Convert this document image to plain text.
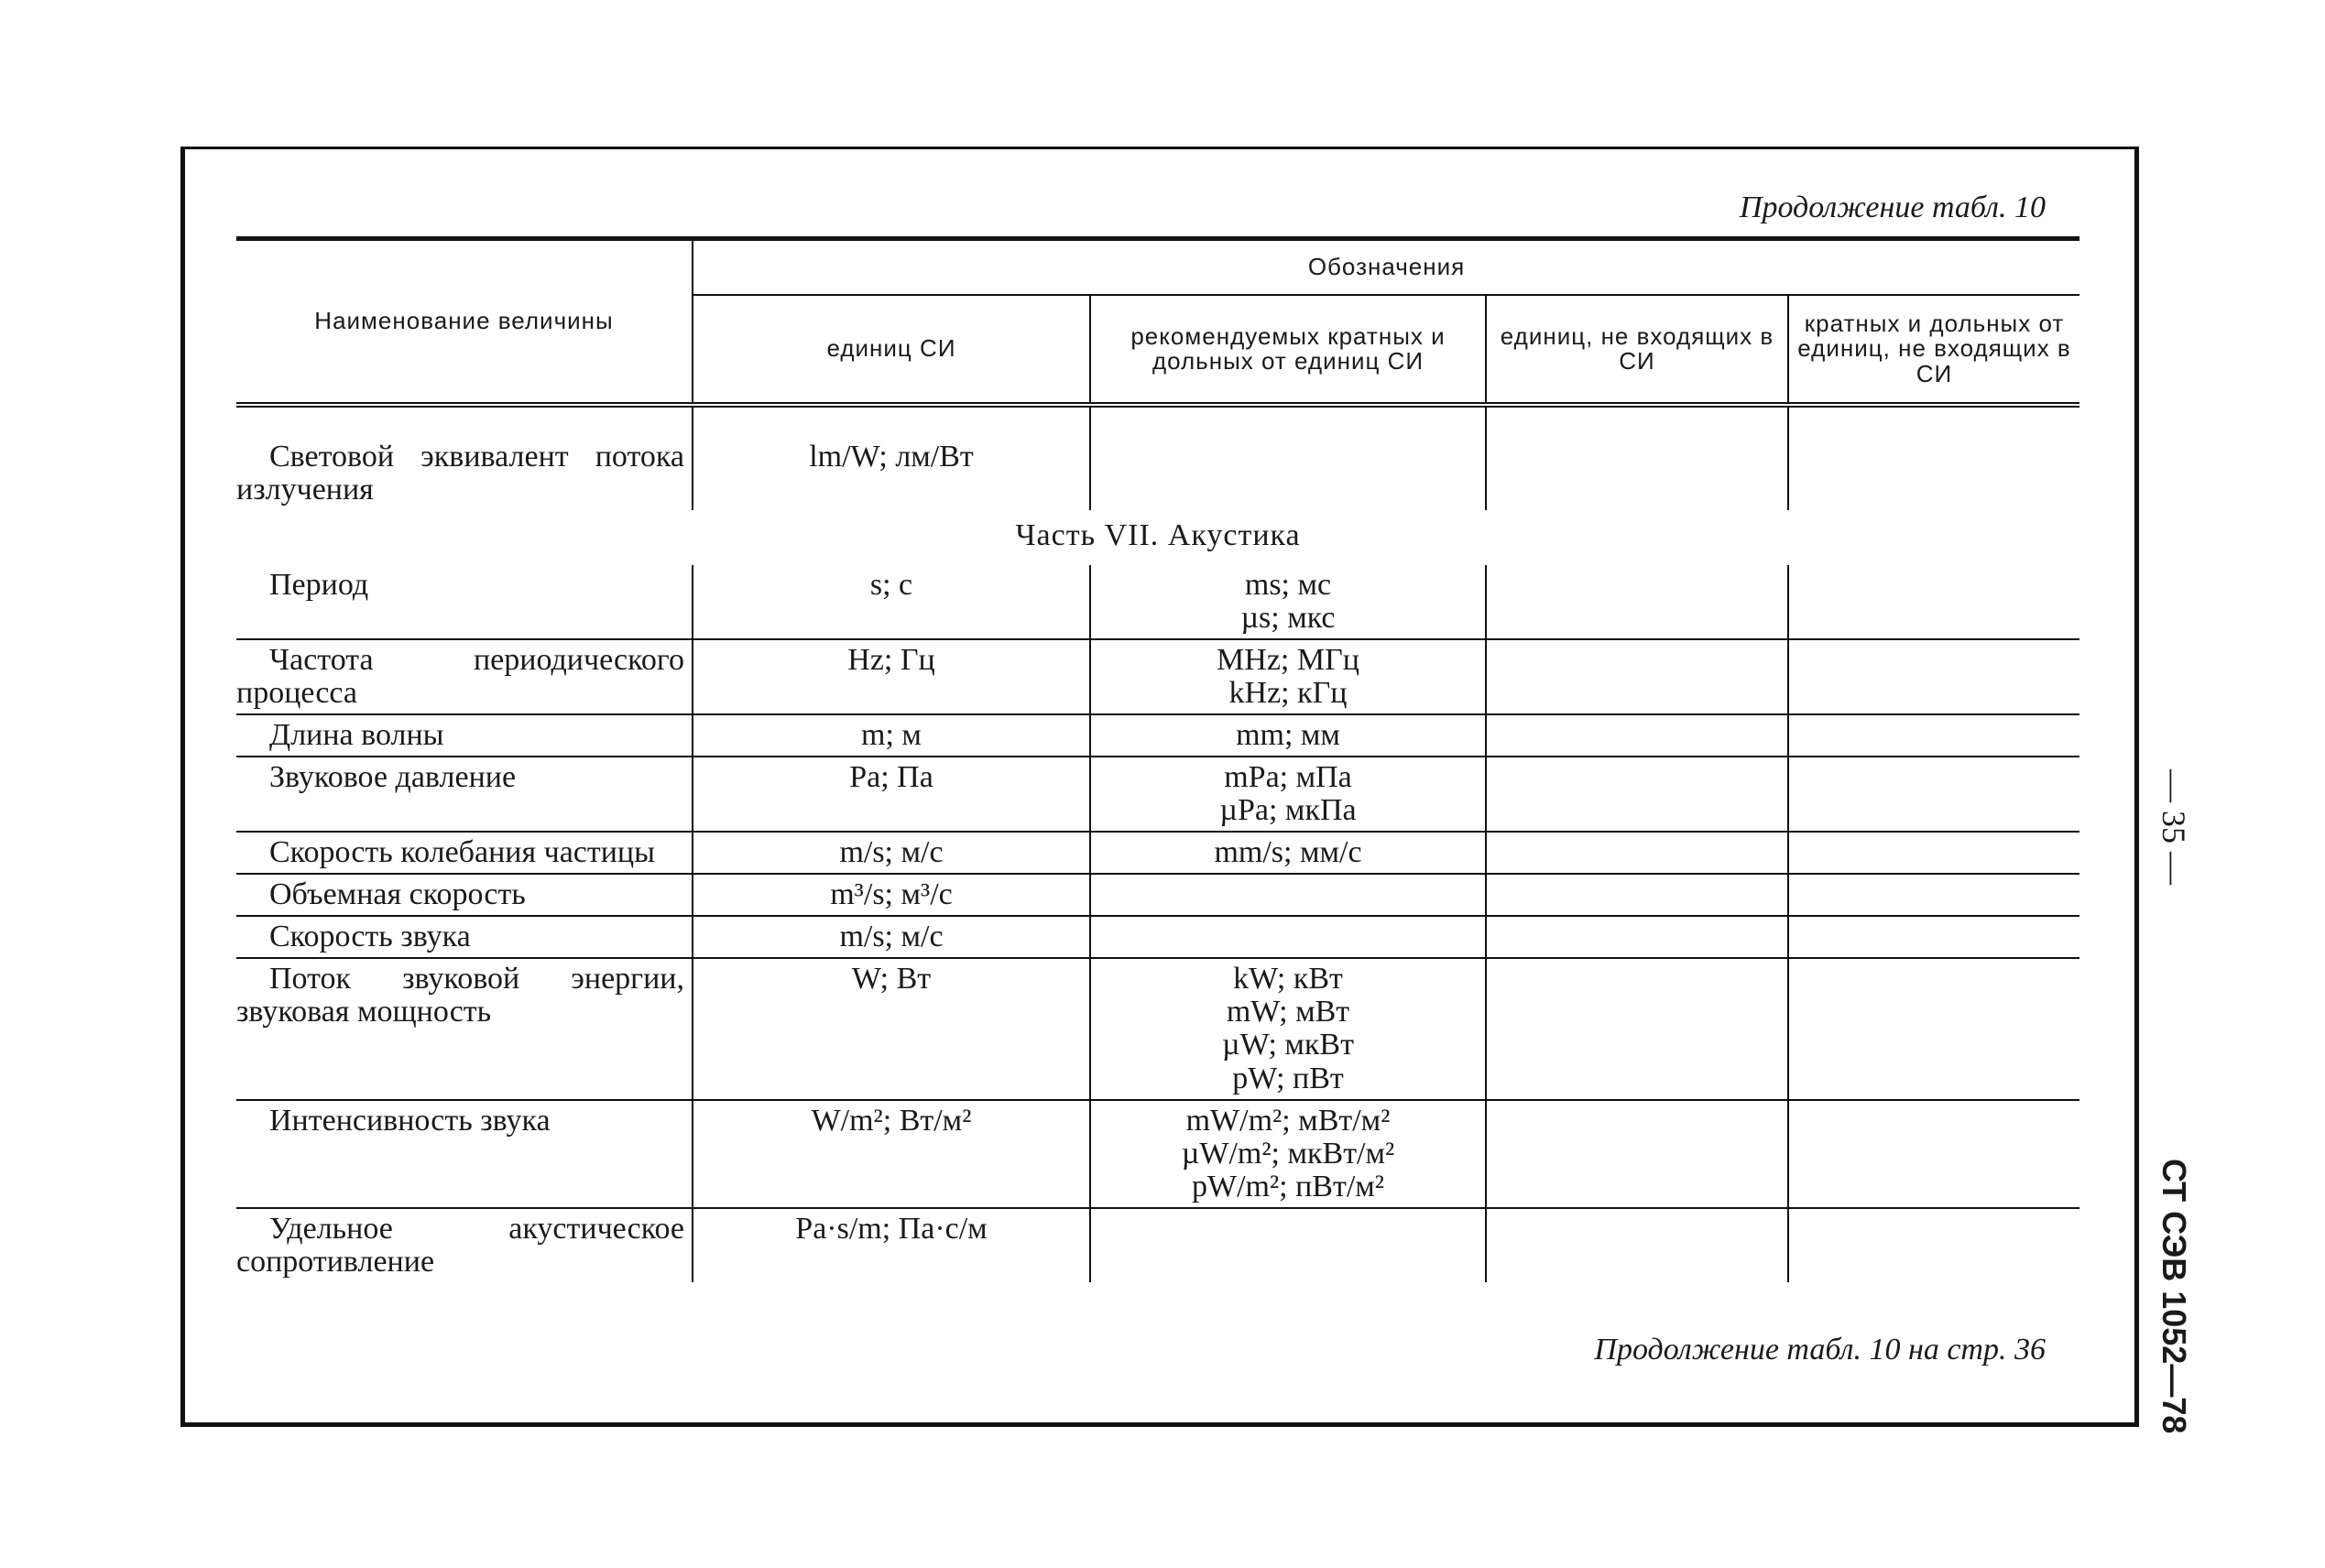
Продолжение табл. 10
Наименование величины	Обозначения			
	единиц СИ	рекомендуемых кратных и дольных от единиц СИ	единиц, не входящих в СИ	кратных и дольных от единиц, не входящих в СИ
Световой эквивалент потока излучения	lm/W; лм/Вт			
Часть VII. Акустика				
Период	s; с	ms; мс
µs; мкс		

Частота периодического процесса	Hz; Гц	MHz; МГц
kHz; кГц		

Длина волны	m; м	mm; мм		

Звуковое давление	Pa; Па	mPa; мПа
µPa; мкПа		

Скорость колебания частицы	m/s; м/с	mm/s; мм/с		

Объемная скорость	m³/s; м³/с			
Скорость звука	m/s; м/с			
Поток звуковой энергии, звуковая мощность	W; Вт	kW; кВт
mW; мВт
µW; мкВт
pW; пВт		

Интенсивность звука	W/m²; Вт/м²	mW/m²; мВт/м²
µW/m²; мкВт/м²
pW/m²; пВт/м²		

Удельное акустическое сопротивление	Pa·s/m; Па·с/м			
Продолжение табл. 10 на стр. 36
— 35 —
СТ СЭВ 1052—78
